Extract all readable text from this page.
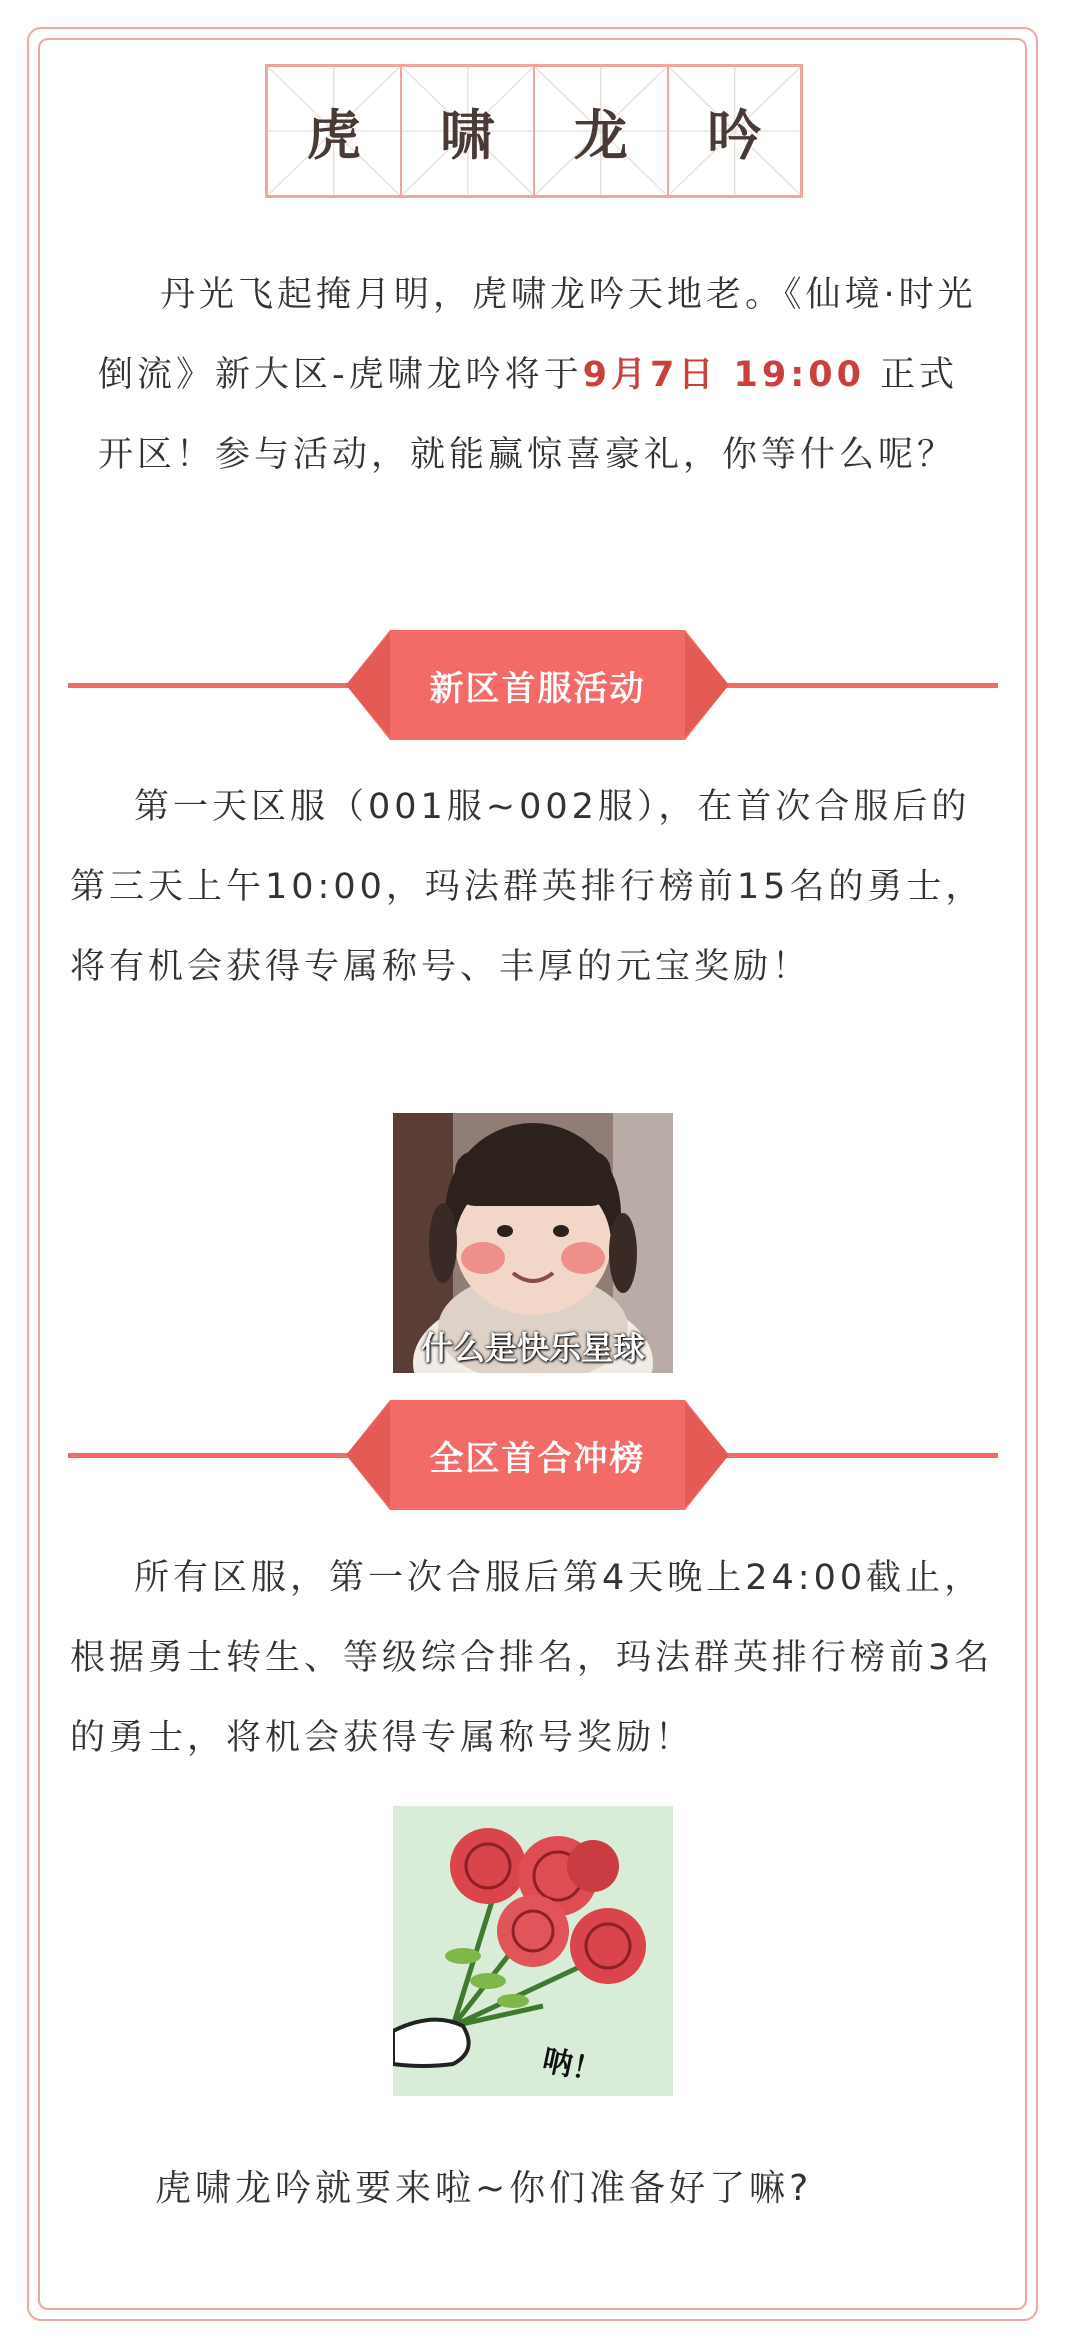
虎 啸 龙 吟

丹光飞起掩月明，虎啸龙吟天地老。《仙境·时光倒流》新大区-虎啸龙吟将于9月7日 19:00 正式开区！参与活动，就能赢惊喜豪礼，你等什么呢？

新区首服活动

第一天区服（001服~002服），在首次合服后的第三天上午10:00，玛法群英排行榜前15名的勇士，将有机会获得专属称号、丰厚的元宝奖励！

什么是快乐星球
全区首合冲榜

所有区服，第一次合服后第4天晚上24:00截止，根据勇士转生、等级综合排名，玛法群英排行榜前3名的勇士，将机会获得专属称号奖励！

呐！

虎啸龙吟就要来啦~你们准备好了嘛?
